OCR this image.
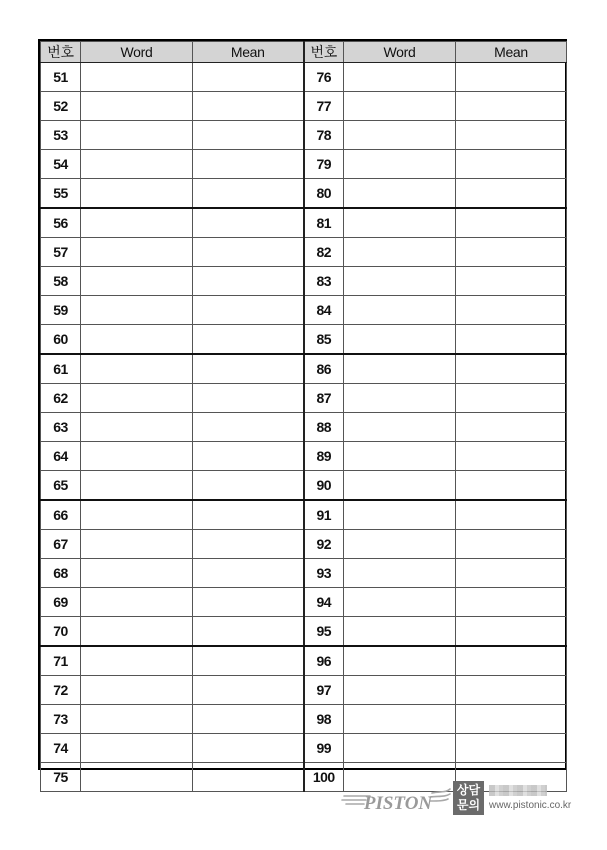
번호	Word	Mean	번호	Word	Mean
51			76		
52			77		
53			78		
54			79		
55			80		
56			81		
57			82		
58			83		
59			84		
60			85		
61			86		
62			87		
63			88		
64			89		
65			90		
66			91		
67			92		
68			93		
69			94		
70			95		
71			96		
72			97		
73			98		
74			99		
75			100		
PISTON
상담
문의 www.pistonic.co.kr
